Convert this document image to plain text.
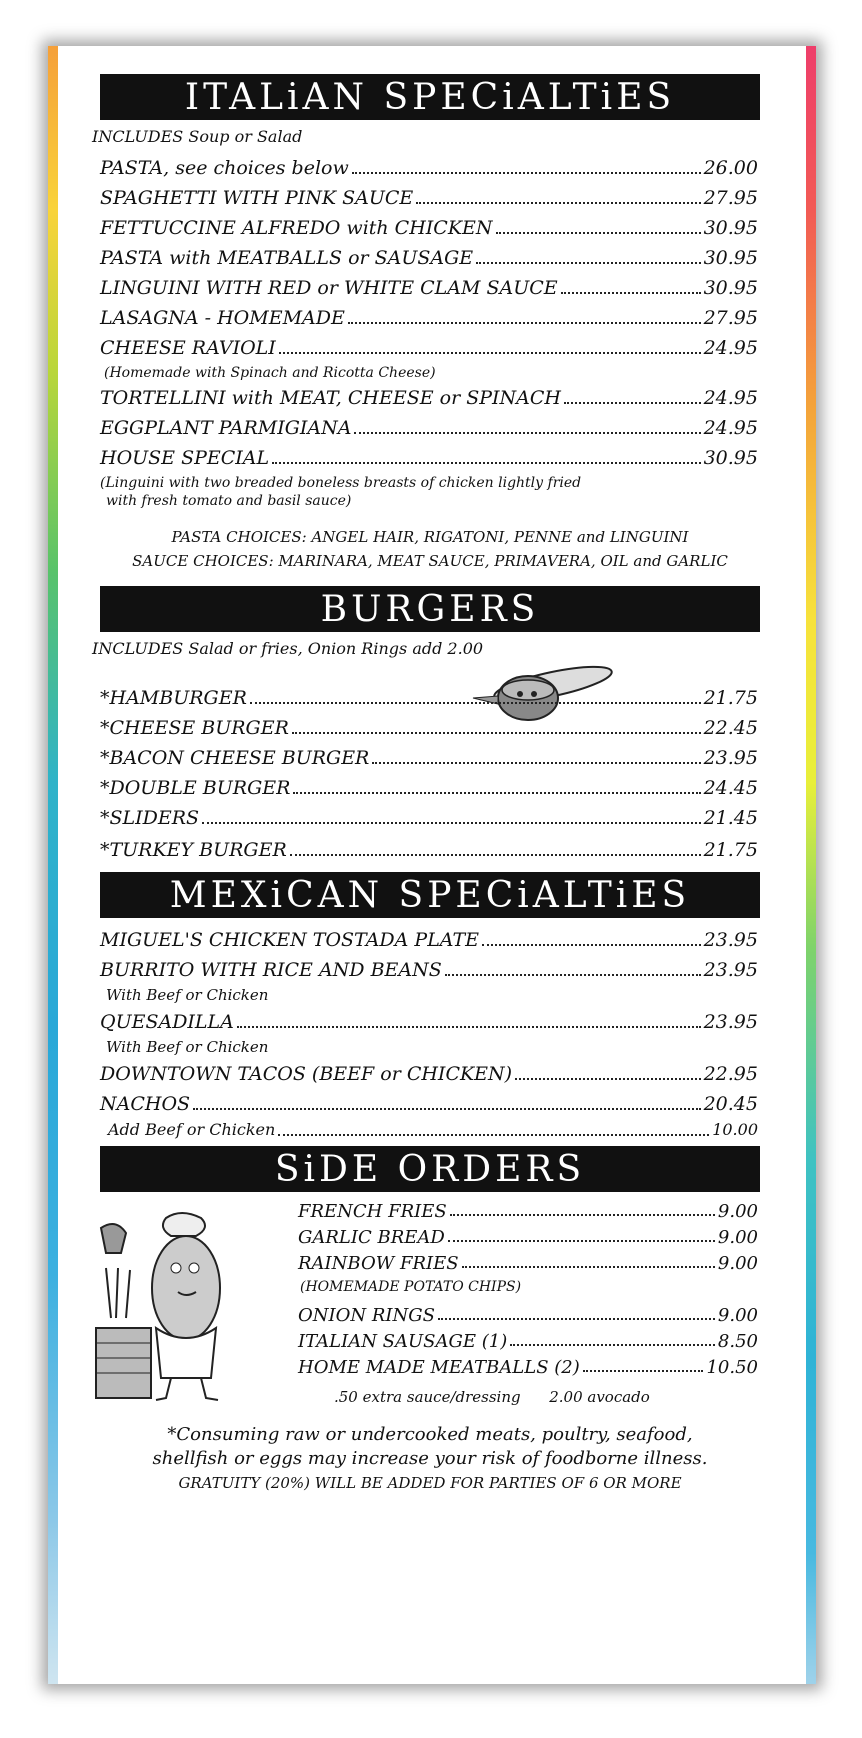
ITALiAN SPECiALTiES
INCLUDES Soup or Salad
PASTA, see choices below	26.00
SPAGHETTI WITH PINK SAUCE	27.95
FETTUCCINE ALFREDO with CHICKEN	30.95
PASTA with MEATBALLS or SAUSAGE	30.95
LINGUINI WITH RED or WHITE CLAM SAUCE	30.95
LASAGNA - HOMEMADE	27.95
CHEESE RAVIOLI	24.95
(Homemade with Spinach and Ricotta Cheese)
TORTELLINI with MEAT, CHEESE or SPINACH	24.95
EGGPLANT PARMIGIANA	24.95
HOUSE SPECIAL	30.95
(Linguini with two breaded boneless breasts of chicken lightly fried
with fresh tomato and basil sauce)
PASTA CHOICES: ANGEL HAIR, RIGATONI, PENNE and LINGUINI
SAUCE CHOICES: MARINARA, MEAT SAUCE, PRIMAVERA, OIL and GARLIC
BURGERS
INCLUDES Salad or fries, Onion Rings add 2.00
*HAMBURGER	21.75
*CHEESE BURGER	22.45
*BACON CHEESE BURGER	23.95
*DOUBLE BURGER	24.45
*SLIDERS	21.45
*TURKEY BURGER	21.75
MEXiCAN SPECiALTiES
MIGUEL'S CHICKEN TOSTADA PLATE	23.95
BURRITO WITH RICE AND BEANS	23.95
With Beef or Chicken
QUESADILLA	23.95
With Beef or Chicken
DOWNTOWN TACOS (BEEF or CHICKEN)	22.95
NACHOS	20.45
Add Beef or Chicken	10.00
SiDE ORDERS
FRENCH FRIES	9.00
GARLIC BREAD	9.00
RAINBOW FRIES	9.00
(HOMEMADE POTATO CHIPS)
ONION RINGS	9.00
ITALIAN SAUSAGE (1)	8.50
HOME MADE MEATBALLS (2)	10.50
.50 extra sauce/dressing      2.00 avocado
*Consuming raw or undercooked meats, poultry, seafood,
shellfish or eggs may increase your risk of foodborne illness.
GRATUITY (20%) WILL BE ADDED FOR PARTIES OF 6 OR MORE
